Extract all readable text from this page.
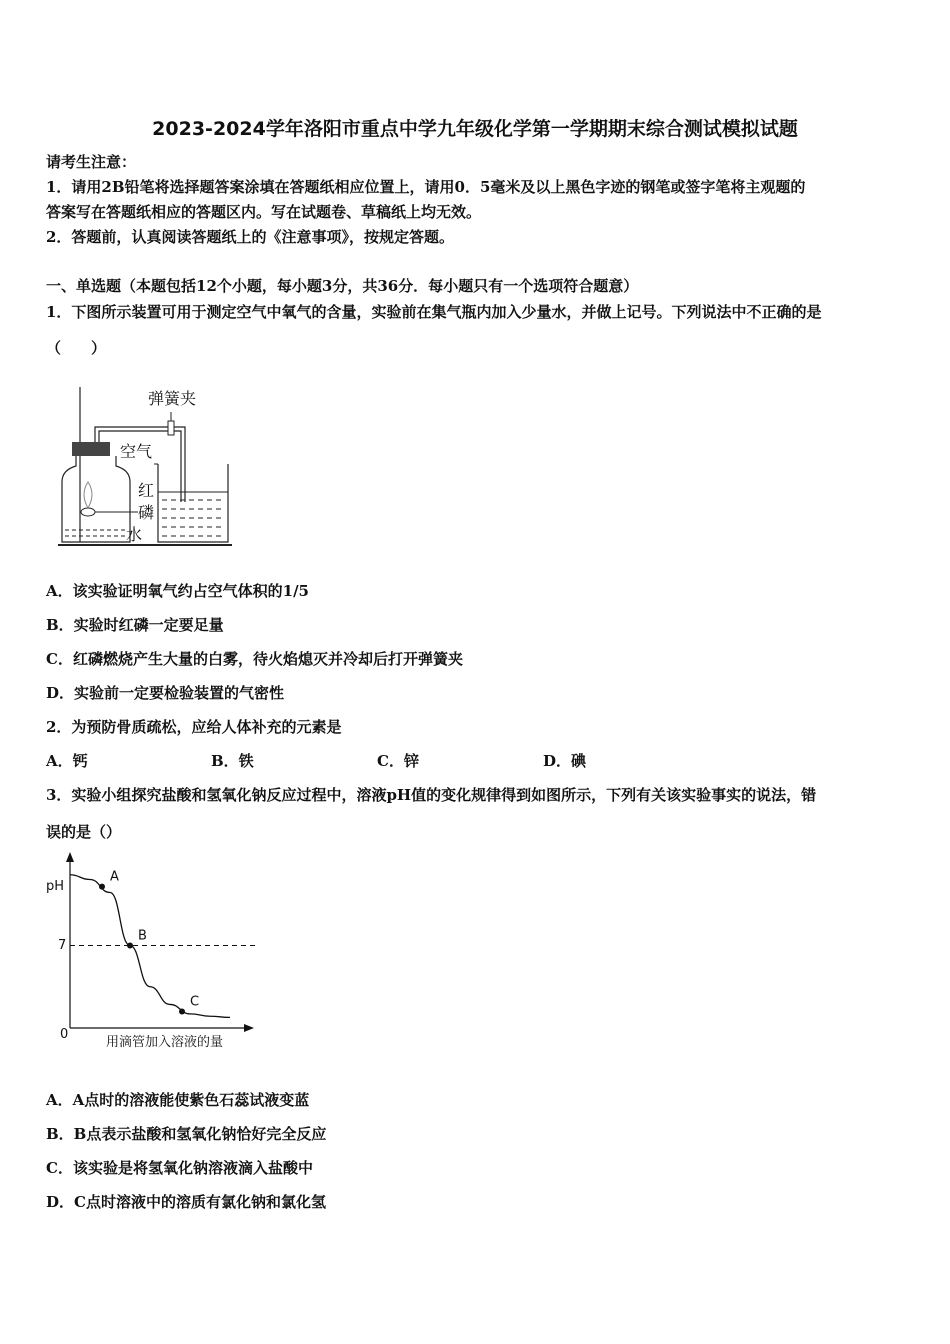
2023-2024学年洛阳市重点中学九年级化学第一学期期末综合测试模拟试题
请考生注意：
1．请用2B铅笔将选择题答案涂填在答题纸相应位置上，请用0．5毫米及以上黑色字迹的钢笔或签字笔将主观题的
答案写在答题纸相应的答题区内。写在试题卷、草稿纸上均无效。
2．答题前，认真阅读答题纸上的《注意事项》，按规定答题。
一、单选题（本题包括12个小题，每小题3分，共36分．每小题只有一个选项符合题意）
1．下图所示装置可用于测定空气中氧气的含量，实验前在集气瓶内加入少量水，并做上记号。下列说法中不正确的是
（　　）
弹簧夹
空气
红
磷
水
A．该实验证明氧气约占空气体积的1/5
B．实验时红磷一定要足量
C．红磷燃烧产生大量的白雾，待火焰熄灭并冷却后打开弹簧夹
D．实验前一定要检验装置的气密性
2．为预防骨质疏松，应给人体补充的元素是
A．钙	B．铁	C．锌	D．碘
3．实验小组探究盐酸和氢氧化钠反应过程中，溶液pH值的变化规律得到如图所示，下列有关该实验事实的说法，错
误的是（）
pH
7
0
用滴管加入溶液的量
A
B
C
A．A点时的溶液能使紫色石蕊试液变蓝
B．B点表示盐酸和氢氧化钠恰好完全反应
C．该实验是将氢氧化钠溶液滴入盐酸中
D．C点时溶液中的溶质有氯化钠和氯化氢
